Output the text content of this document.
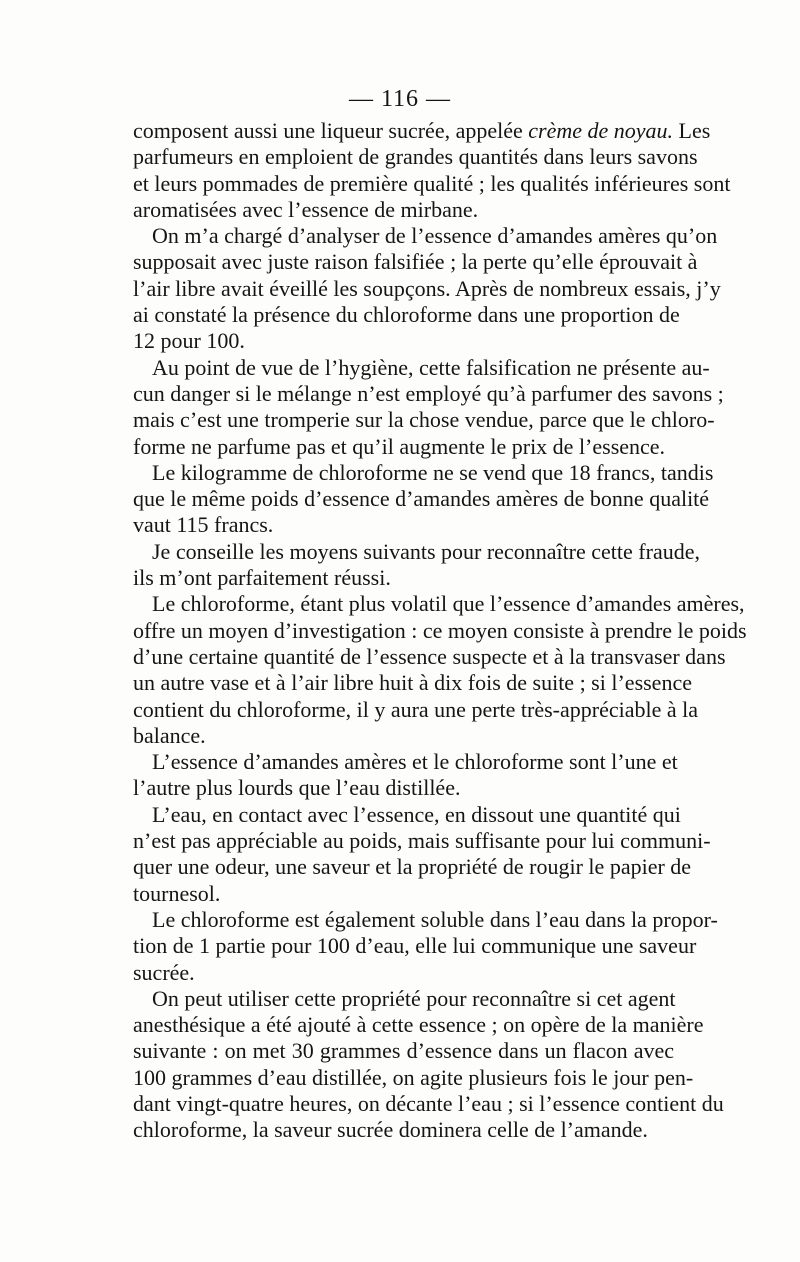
— 116 —

composent aussi une liqueur sucrée, appelée crème de noyau. Les
parfumeurs en emploient de grandes quantités dans leurs savons
et leurs pommades de première qualité ; les qualités inférieures sont
aromatisées avec l’essence de mirbane.

On m’a chargé d’analyser de l’essence d’amandes amères qu’on
supposait avec juste raison falsifiée ; la perte qu’elle éprouvait à
l’air libre avait éveillé les soupçons. Après de nombreux essais, j’y
ai constaté la présence du chloroforme dans une proportion de
12 pour 100.

Au point de vue de l’hygiène, cette falsification ne présente au-
cun danger si le mélange n’est employé qu’à parfumer des savons ;
mais c’est une tromperie sur la chose vendue, parce que le chloro-
forme ne parfume pas et qu’il augmente le prix de l’essence.

Le kilogramme de chloroforme ne se vend que 18 francs, tandis
que le même poids d’essence d’amandes amères de bonne qualité
vaut 115 francs.

Je conseille les moyens suivants pour reconnaître cette fraude,
ils m’ont parfaitement réussi.

Le chloroforme, étant plus volatil que l’essence d’amandes amères,
offre un moyen d’investigation : ce moyen consiste à prendre le poids
d’une certaine quantité de l’essence suspecte et à la transvaser dans
un autre vase et à l’air libre huit à dix fois de suite ; si l’essence
contient du chloroforme, il y aura une perte très-appréciable à la
balance.

L’essence d’amandes amères et le chloroforme sont l’une et
l’autre plus lourds que l’eau distillée.

L’eau, en contact avec l’essence, en dissout une quantité qui
n’est pas appréciable au poids, mais suffisante pour lui communi-
quer une odeur, une saveur et la propriété de rougir le papier de
tournesol.

Le chloroforme est également soluble dans l’eau dans la propor-
tion de 1 partie pour 100 d’eau, elle lui communique une saveur
sucrée.

On peut utiliser cette propriété pour reconnaître si cet agent
anesthésique a été ajouté à cette essence ; on opère de la manière
suivante : on met 30 grammes d’essence dans un flacon avec
100 grammes d’eau distillée, on agite plusieurs fois le jour pen-
dant vingt-quatre heures, on décante l’eau ; si l’essence contient du
chloroforme, la saveur sucrée dominera celle de l’amande.
